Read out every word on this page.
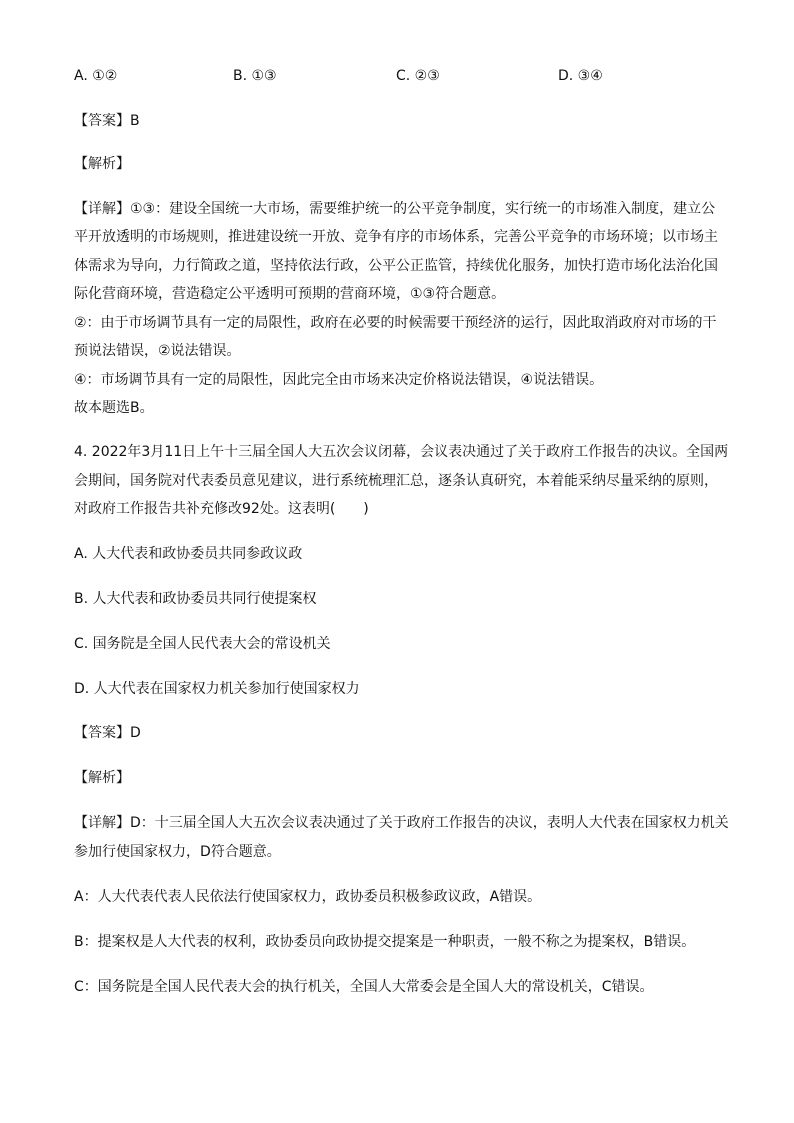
A. ①②	B. ①③	C. ②③	D. ③④
【答案】B
【解析】
【详解】①③：建设全国统一大市场，需要维护统一的公平竞争制度，实行统一的市场准入制度，建立公
平开放透明的市场规则，推进建设统一开放、竞争有序的市场体系，完善公平竞争的市场环境；以市场主
体需求为导向，力行简政之道，坚持依法行政，公平公正监管，持续优化服务，加快打造市场化法治化国
际化营商环境，营造稳定公平透明可预期的营商环境，①③符合题意。
②：由于市场调节具有一定的局限性，政府在必要的时候需要干预经济的运行，因此取消政府对市场的干
预说法错误，②说法错误。
④：市场调节具有一定的局限性，因此完全由市场来决定价格说法错误，④说法错误。
故本题选B。
4. 2022年3月11日上午十三届全国人大五次会议闭幕，会议表决通过了关于政府工作报告的决议。全国两
会期间，国务院对代表委员意见建议，进行系统梳理汇总，逐条认真研究，本着能采纳尽量采纳的原则，
对政府工作报告共补充修改92处。这表明(　　)
A. 人大代表和政协委员共同参政议政
B. 人大代表和政协委员共同行使提案权
C. 国务院是全国人民代表大会的常设机关
D. 人大代表在国家权力机关参加行使国家权力
【答案】D
【解析】
【详解】D：十三届全国人大五次会议表决通过了关于政府工作报告的决议，表明人大代表在国家权力机关
参加行使国家权力，D符合题意。
A：人大代表代表人民依法行使国家权力，政协委员积极参政议政，A错误。
B：提案权是人大代表的权利，政协委员向政协提交提案是一种职责，一般不称之为提案权，B错误。
C：国务院是全国人民代表大会的执行机关，全国人大常委会是全国人大的常设机关，C错误。
